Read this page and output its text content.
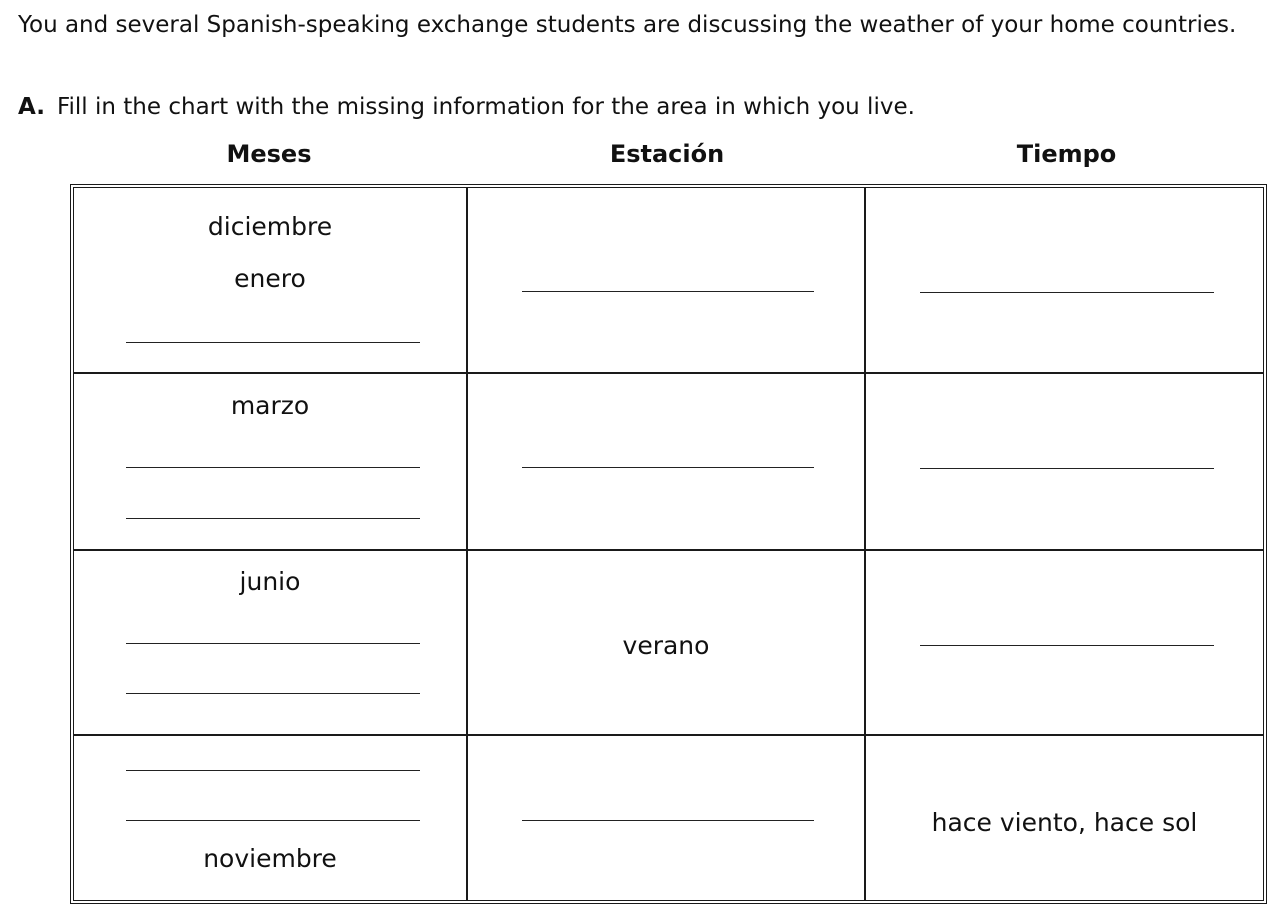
You and several Spanish-speaking exchange students are discussing the weather of your home countries.

A. Fill in the chart with the missing information for the area in which you live.

Meses	Estación	Tiempo
diciembre
enero
marzo
junio
verano
noviembre
hace viento, hace sol
